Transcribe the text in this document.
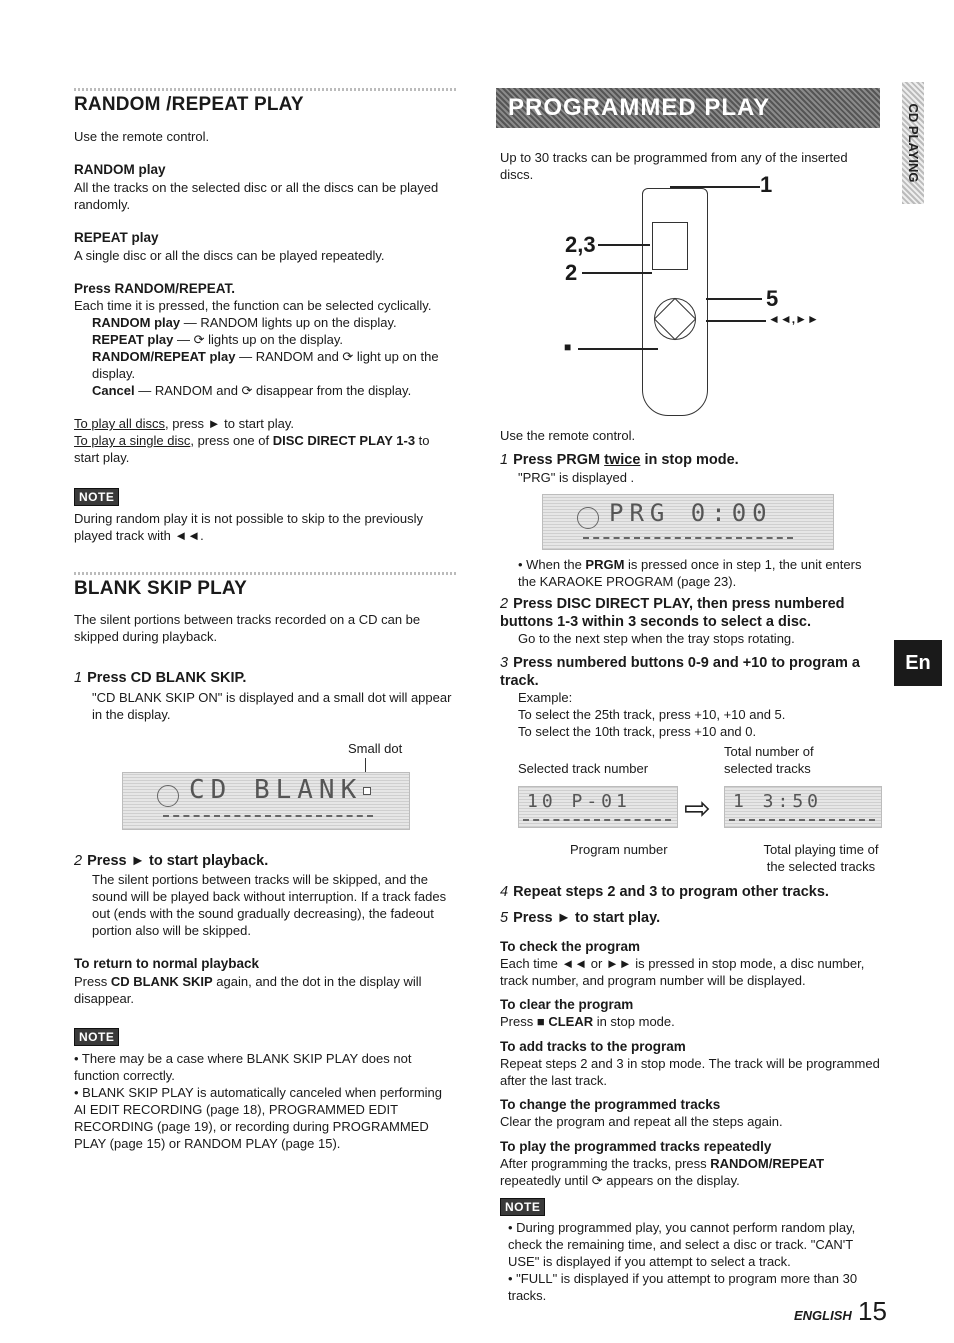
RANDOM /REPEAT PLAY
Use the remote control.
RANDOM play
All the tracks on the selected disc or all the discs can be played randomly.
REPEAT play
A single disc or all the discs can be played repeatedly.
Press RANDOM/REPEAT.
Each time it is pressed, the function can be selected cyclically.
RANDOM play — RANDOM lights up on the display.
REPEAT play — ⟳ lights up on the display.
RANDOM/REPEAT play — RANDOM and ⟳ light up on the display.
Cancel — RANDOM and ⟳ disappear from the display.
To play all discs, press ► to start play.
To play a single disc, press one of DISC DIRECT PLAY 1-3 to start play.
NOTE
During random play it is not possible to skip to the previously played track with ◄◄.
BLANK SKIP PLAY
The silent portions between tracks recorded on a CD can be skipped during playback.
1 Press CD BLANK SKIP.
"CD BLANK SKIP ON" is displayed and a small dot will appear in the display.
Small dot
CD BLANK
2 Press ► to start playback.
The silent portions between tracks will be skipped, and the sound will be played back without interruption. If a track fades out (ends with the sound gradually decreasing), the fadeout portion also will be skipped.
To return to normal playback
Press CD BLANK SKIP again, and the dot in the display will disappear.
NOTE
• There may be a case where BLANK SKIP PLAY does not function correctly.
• BLANK SKIP PLAY is automatically canceled when performing AI EDIT RECORDING (page 18), PROGRAMMED EDIT RECORDING (page 19), or recording during PROGRAMMED PLAY (page 15) or RANDOM PLAY (page 15).
PROGRAMMED PLAY
Up to 30 tracks can be programmed from any of the inserted discs.	1
2,3
2
5
◄◄,►►
■
Use the remote control.
1 Press PRGM twice in stop mode.
"PRG" is displayed .
PRG 0:00
• When the PRGM is pressed once in step 1, the unit enters the KARAOKE PROGRAM (page 23).
2 Press DISC DIRECT PLAY, then press numbered buttons 1-3 within 3 seconds to select a disc.
Go to the next step when the tray stops rotating.
3 Press numbered buttons 0-9 and +10 to program a track.
Example:
To select the 25th track, press +10, +10 and 5.
To select the 10th track, press +10 and 0.
Selected track number
Total number of selected tracks
10 P-01 ⇨ 1 3:50
Program number	Total playing time of the selected tracks
4 Repeat steps 2 and 3 to program other tracks.
5 Press ► to start play.
To check the program
Each time ◄◄ or ►► is pressed in stop mode, a disc number, track number, and program number will be displayed.
To clear the program
Press ■ CLEAR in stop mode.
To add tracks to the program
Repeat steps 2 and 3 in stop mode. The track will be programmed after the last track.
To change the programmed tracks
Clear the program and repeat all the steps again.
To play the programmed tracks repeatedly
After programming the tracks, press RANDOM/REPEAT repeatedly until ⟳ appears on the display.
NOTE
• During programmed play, you cannot perform random play, check the remaining time, and select a disc or track. "CAN'T USE" is displayed if you attempt to select a track.
• "FULL" is displayed if you attempt to program more than 30 tracks.
CD PLAYING
En
ENGLISH 15
